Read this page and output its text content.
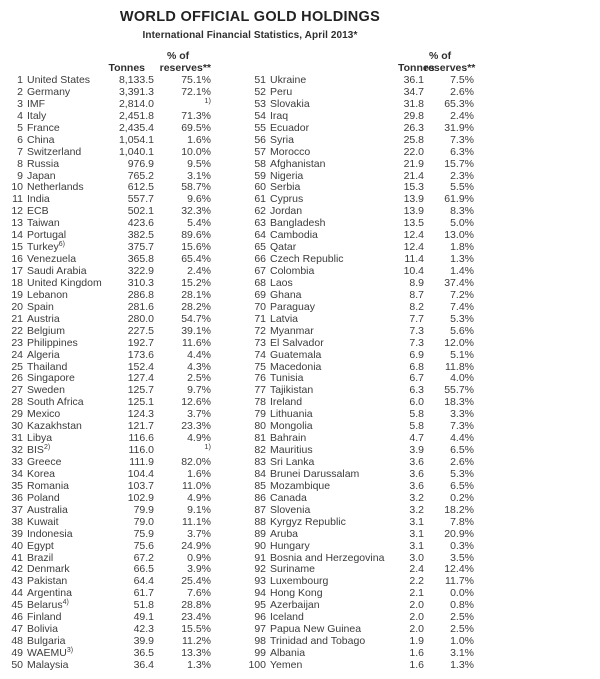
WORLD OFFICIAL GOLD HOLDINGS
International Financial Statistics, April 2013*
% of
Tonnes	reserves**
1 United States	8,133.5	75.1%
2 Germany	3,391.3	72.1%
3 IMF	2,814.0	$^{1)}$
4 Italy	2,451.8	71.3%
5 France	2,435.4	69.5%
6 China	1,054.1	1.6%
7 Switzerland	1,040.1	10.0%
8 Russia	976.9	9.5%
9 Japan	765.2	3.1%
10 Netherlands	612.5	58.7%
11 India	557.7	9.6%
12 ECB	502.1	32.3%
13 Taiwan	423.6	5.4%
14 Portugal	382.5	89.6%
15 Turkey$^{6)}$	375.7	15.6%
16 Venezuela	365.8	65.4%
17 Saudi Arabia	322.9	2.4%
18 United Kingdom	310.3	15.2%
19 Lebanon	286.8	28.1%
20 Spain	281.6	28.2%
21 Austria	280.0	54.7%
22 Belgium	227.5	39.1%
23 Philippines	192.7	11.6%
24 Algeria	173.6	4.4%
25 Thailand	152.4	4.3%
26 Singapore	127.4	2.5%
27 Sweden	125.7	9.7%
28 South Africa	125.1	12.6%
29 Mexico	124.3	3.7%
30 Kazakhstan	121.7	23.3%
31 Libya	116.6	4.9%
32 BIS$^{2)}$	116.0	$^{1)}$
33 Greece	111.9	82.0%
34 Korea	104.4	1.6%
35 Romania	103.7	11.0%
36 Poland	102.9	4.9%
37 Australia	79.9	9.1%
38 Kuwait	79.0	11.1%
39 Indonesia	75.9	3.7%
40 Egypt	75.6	24.9%
41 Brazil	67.2	0.9%
42 Denmark	66.5	3.9%
43 Pakistan	64.4	25.4%
44 Argentina	61.7	7.6%
45 Belarus$^{4)}$	51.8	28.8%
46 Finland	49.1	23.4%
47 Bolivia	42.3	15.5%
48 Bulgaria	39.9	11.2%
49 WAEMU$^{3)}$	36.5	13.3%
50 Malaysia	36.4	1.3%
% of
Tonnes
reserves**
51 Ukraine	36.1	7.5%
52 Peru	34.7	2.6%
53 Slovakia	31.8	65.3%
54 Iraq	29.8	2.4%
55 Ecuador	26.3	31.9%
56 Syria	25.8	7.3%
57 Morocco	22.0	6.3%
58 Afghanistan	21.9	15.7%
59 Nigeria	21.4	2.3%
60 Serbia	15.3	5.5%
61 Cyprus	13.9	61.9%
62 Jordan	13.9	8.3%
63 Bangladesh	13.5	5.0%
64 Cambodia	12.4	13.0%
65 Qatar	12.4	1.8%
66 Czech Republic	11.4	1.3%
67 Colombia	10.4	1.4%
68 Laos	8.9	37.4%
69 Ghana	8.7	7.2%
70 Paraguay	8.2	7.4%
71 Latvia	7.7	5.3%
72 Myanmar	7.3	5.6%
73 El Salvador	7.3	12.0%
74 Guatemala	6.9	5.1%
75 Macedonia	6.8	11.8%
76 Tunisia	6.7	4.0%
77 Tajikistan	6.3	55.7%
78 Ireland	6.0	18.3%
79 Lithuania	5.8	3.3%
80 Mongolia	5.8	7.3%
81 Bahrain	4.7	4.4%
82 Mauritius	3.9	6.5%
83 Sri Lanka	3.6	2.6%
84 Brunei Darussalam	3.6	5.3%
85 Mozambique	3.6	6.5%
86 Canada	3.2	0.2%
87 Slovenia	3.2	18.2%
88 Kyrgyz Republic	3.1	7.8%
89 Aruba	3.1	20.9%
90 Hungary	3.1	0.3%
91 Bosnia and Herzegovina	3.0	3.5%
92 Suriname	2.4	12.4%
93 Luxembourg	2.2	11.7%
94 Hong Kong	2.1	0.0%
95 Azerbaijan	2.0	0.8%
96 Iceland	2.0	2.5%
97 Papua New Guinea	2.0	2.5%
98 Trinidad and Tobago	1.9	1.0%
99 Albania	1.6	3.1%
100 Yemen	1.6	1.3%
